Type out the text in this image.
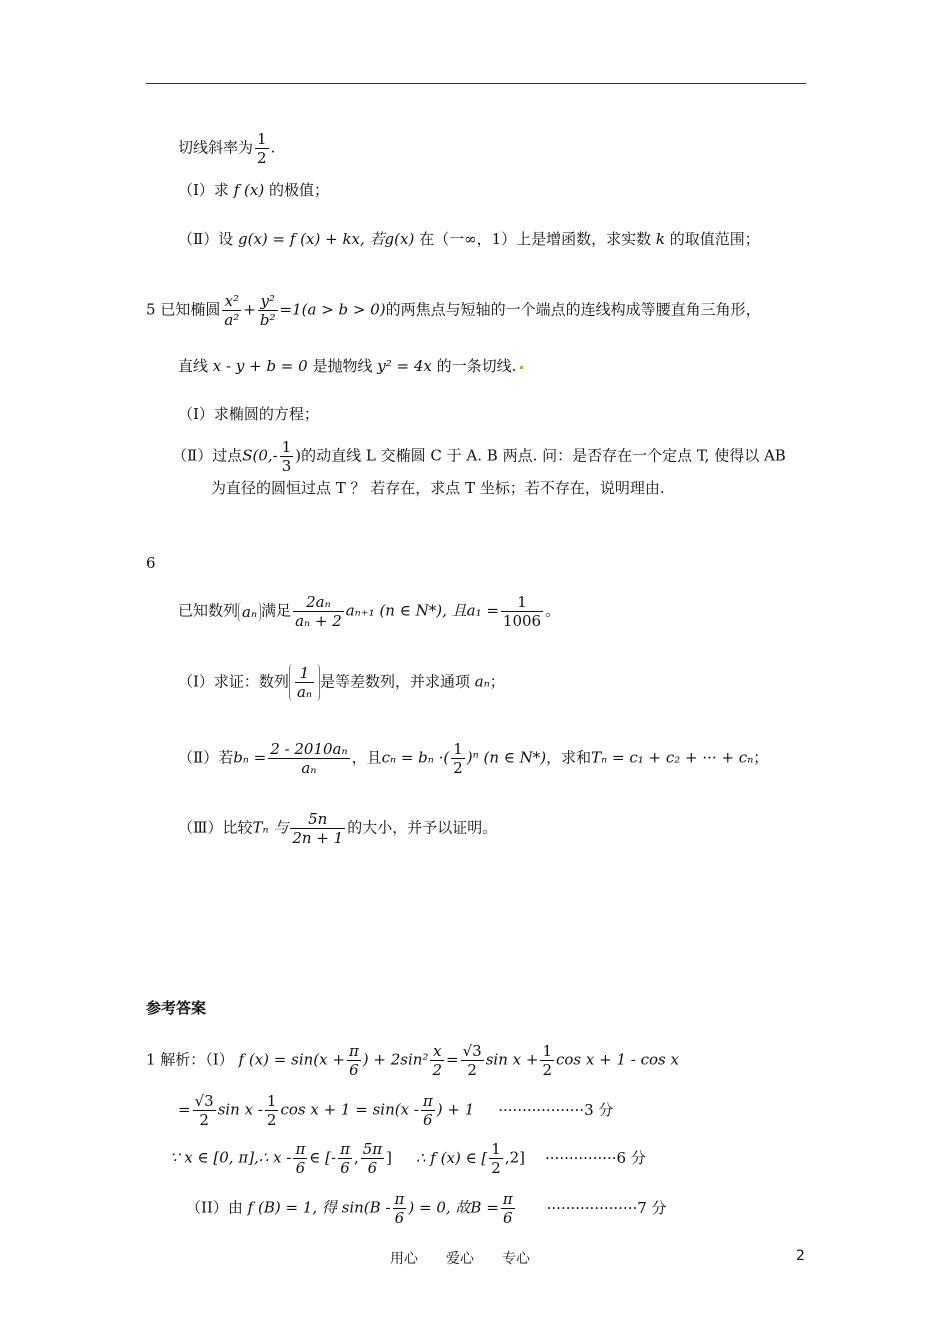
切线斜率为 $\frac{1}{2}$ .
（Ⅰ）求 f (x) 的极值；
（Ⅱ）设 g(x) = f (x) + kx, 若g(x) 在（一∞，1）上是增函数，求实数 k 的取值范围；
5 已知椭圆 $\frac{\text{x²}}{\text{a²}} + \frac{\text{y²}}{\text{b²}} =1(a > b > 0)$的两焦点与短轴的一个端点的连线构成等腰直角三角形，
直线 x - y + b = 0 是抛物线 y² = 4x 的一条切线.
（Ⅰ）求椭圆的方程；
（Ⅱ）过点$S(0,- \frac{1}{3}$ )的动直线 L 交椭圆 C 于 A. B 两点. 问：是否存在一个定点 T, 使得以 AB
为直径的圆恒过点 T ？ 若存在，求点 T 坐标；若不存在，说明理由.
6
已知数列 aₙ 满足 $\frac{\text{2aₙ}}{\text{aₙ + 2}} a_{n+1}$ (n ∈ N*), 且$a_1 = \frac{1}{1006}$ 。
（Ⅰ）求证：数列 $\frac{1}{\text{aₙ}}$ 是等差数列，并求通项 aₙ；
（Ⅱ）若$b_n = \frac{\text{2 - 2010aₙ}}{\text{aₙ}}$ ，且cₙ = bₙ ·( $\frac{1}{2} )^n$ (n ∈ N*)，求和Tₙ = c₁ + c₂ + ··· + cₙ；
（Ⅲ）比较Tₙ 与 $\frac{5n}{2n + 1}$ 的大小，并予以证明。
参考答案
1 解析：（Ⅰ） f $(x) = \sin(x + \frac{\pi}{6}$ ) + $2\sin^2 \frac{x}{2} = \frac{√3}{2}$ $\sin x + \frac{1}{2}$ cos x + 1 - cos x
= $\frac{√3}{2}$ sin x - $\frac{1}{2}$ $\cos x + 1 = \sin(x - \frac{\pi}{6}$ ) + 1 ··················3 分
∵ x ∈ [0, π],∴ x - $\frac{\pi}{6}$ ∈ [- $\frac{\pi}{6}$ , $\frac{5\pi}{6}$ ] ∴ f (x) ∈ [ $\frac{1}{2} ,2] \cdot\cdot\cdot\cdot\cdot\cdot\cdot\cdot\cdot\cdot\cdot\cdot\cdot\cdot\cdot 6$ 分
（II）由 f (B) = 1, 得 $\sin(B - \frac{\pi}{6}$ ) = 0, 故$B = \frac{\pi}{6} \cdot\cdot\cdot\cdot\cdot\cdot\cdot\cdot\cdot\cdot\cdot\cdot\cdot\cdot\cdot\cdot\cdot\cdot\cdot 7$ 分
用心　　爱心　　专心	2
